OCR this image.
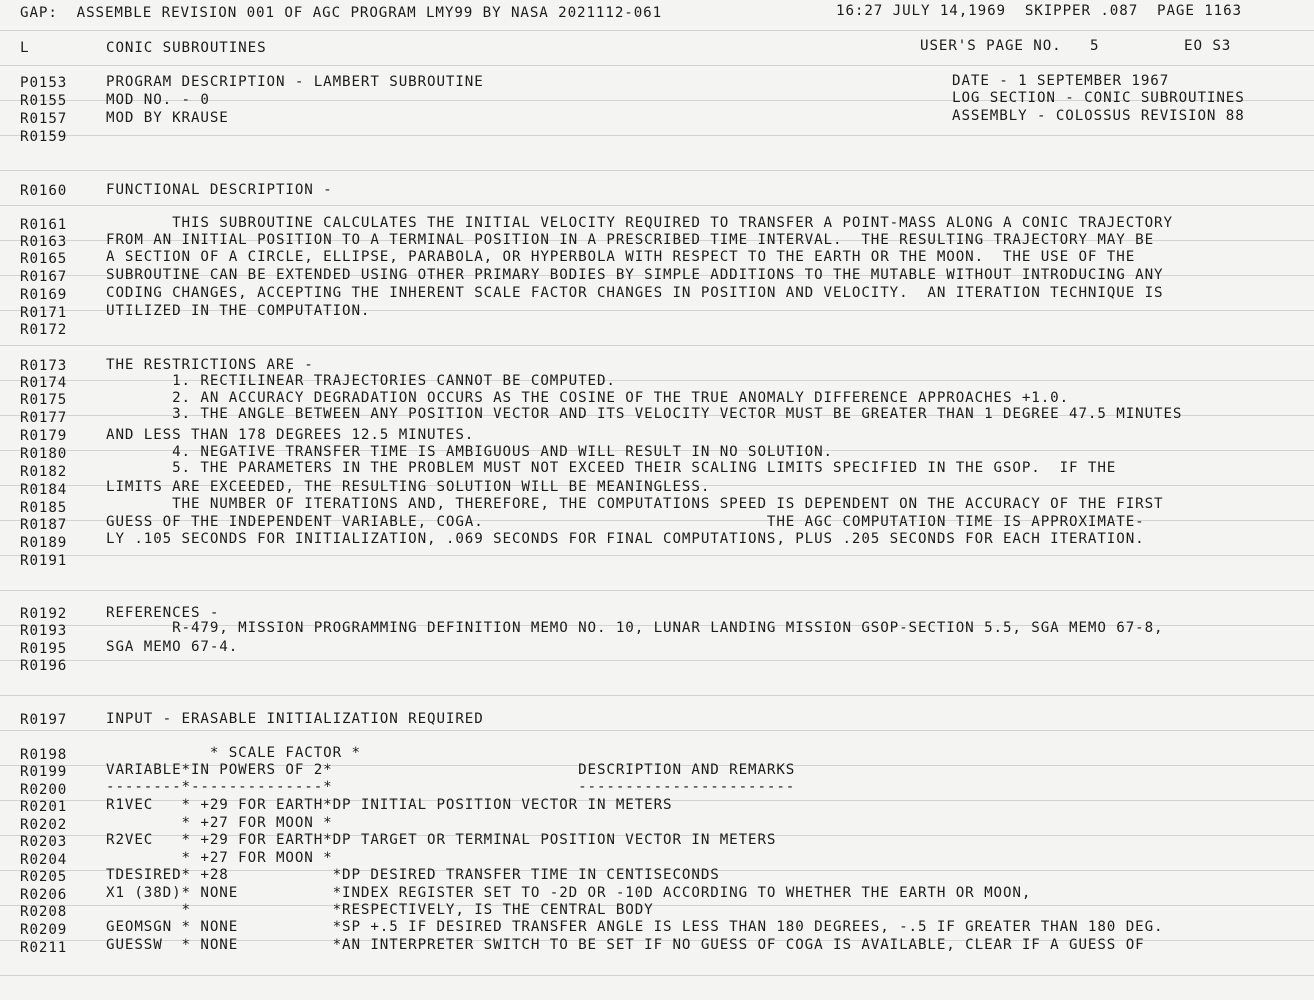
GAP:  ASSEMBLE REVISION 001 OF AGC PROGRAM LMY99 BY NASA 2021112-061	16:27 JULY 14,1969  SKIPPER .087  PAGE 1163
L	CONIC SUBROUTINES	USER'S PAGE NO.   5	EO S3
DATE - 1 SEPTEMBER 1967
LOG SECTION - CONIC SUBROUTINES
ASSEMBLY - COLOSSUS REVISION 88
P0153	PROGRAM DESCRIPTION - LAMBERT SUBROUTINE
R0155	MOD NO. - 0
R0157	MOD BY KRAUSE
R0159
R0160	FUNCTIONAL DESCRIPTION -
R0161	THIS SUBROUTINE CALCULATES THE INITIAL VELOCITY REQUIRED TO TRANSFER A POINT-MASS ALONG A CONIC TRAJECTORY
R0163	FROM AN INITIAL POSITION TO A TERMINAL POSITION IN A PRESCRIBED TIME INTERVAL.  THE RESULTING TRAJECTORY MAY BE
R0165	A SECTION OF A CIRCLE, ELLIPSE, PARABOLA, OR HYPERBOLA WITH RESPECT TO THE EARTH OR THE MOON.  THE USE OF THE
R0167	SUBROUTINE CAN BE EXTENDED USING OTHER PRIMARY BODIES BY SIMPLE ADDITIONS TO THE MUTABLE WITHOUT INTRODUCING ANY
R0169	CODING CHANGES, ACCEPTING THE INHERENT SCALE FACTOR CHANGES IN POSITION AND VELOCITY.  AN ITERATION TECHNIQUE IS
R0171	UTILIZED IN THE COMPUTATION.
R0172
R0173	THE RESTRICTIONS ARE -
R0174	1. RECTILINEAR TRAJECTORIES CANNOT BE COMPUTED.
R0175	2. AN ACCURACY DEGRADATION OCCURS AS THE COSINE OF THE TRUE ANOMALY DIFFERENCE APPROACHES +1.0.
R0177	3. THE ANGLE BETWEEN ANY POSITION VECTOR AND ITS VELOCITY VECTOR MUST BE GREATER THAN 1 DEGREE 47.5 MINUTES
R0179	AND LESS THAN 178 DEGREES 12.5 MINUTES.
R0180	4. NEGATIVE TRANSFER TIME IS AMBIGUOUS AND WILL RESULT IN NO SOLUTION.
R0182	5. THE PARAMETERS IN THE PROBLEM MUST NOT EXCEED THEIR SCALING LIMITS SPECIFIED IN THE GSOP.  IF THE
R0184	LIMITS ARE EXCEEDED, THE RESULTING SOLUTION WILL BE MEANINGLESS.
R0185	THE NUMBER OF ITERATIONS AND, THEREFORE, THE COMPUTATIONS SPEED IS DEPENDENT ON THE ACCURACY OF THE FIRST
R0187	GUESS OF THE INDEPENDENT VARIABLE, COGA.                              THE AGC COMPUTATION TIME IS APPROXIMATE-
R0189	LY .105 SECONDS FOR INITIALIZATION, .069 SECONDS FOR FINAL COMPUTATIONS, PLUS .205 SECONDS FOR EACH ITERATION.
R0191
R0192	REFERENCES -
R0193	R-479, MISSION PROGRAMMING DEFINITION MEMO NO. 10, LUNAR LANDING MISSION GSOP-SECTION 5.5, SGA MEMO 67-8,
R0195	SGA MEMO 67-4.
R0196
R0197	INPUT - ERASABLE INITIALIZATION REQUIRED
R0198	* SCALE FACTOR *
R0199	VARIABLE*IN POWERS OF 2*                          DESCRIPTION AND REMARKS
R0200	--------*--------------*                          -----------------------
R0201	R1VEC   * +29 FOR EARTH*DP INITIAL POSITION VECTOR IN METERS
R0202	* +27 FOR MOON *
R0203	R2VEC   * +29 FOR EARTH*DP TARGET OR TERMINAL POSITION VECTOR IN METERS
R0204	* +27 FOR MOON *
R0205	TDESIRED* +28           *DP DESIRED TRANSFER TIME IN CENTISECONDS
R0206	X1 (38D)* NONE          *INDEX REGISTER SET TO -2D OR -10D ACCORDING TO WHETHER THE EARTH OR MOON,
R0208	*               *RESPECTIVELY, IS THE CENTRAL BODY
R0209	GEOMSGN * NONE          *SP +.5 IF DESIRED TRANSFER ANGLE IS LESS THAN 180 DEGREES, -.5 IF GREATER THAN 180 DEG.
R0211	GUESSW  * NONE          *AN INTERPRETER SWITCH TO BE SET IF NO GUESS OF COGA IS AVAILABLE, CLEAR IF A GUESS OF
